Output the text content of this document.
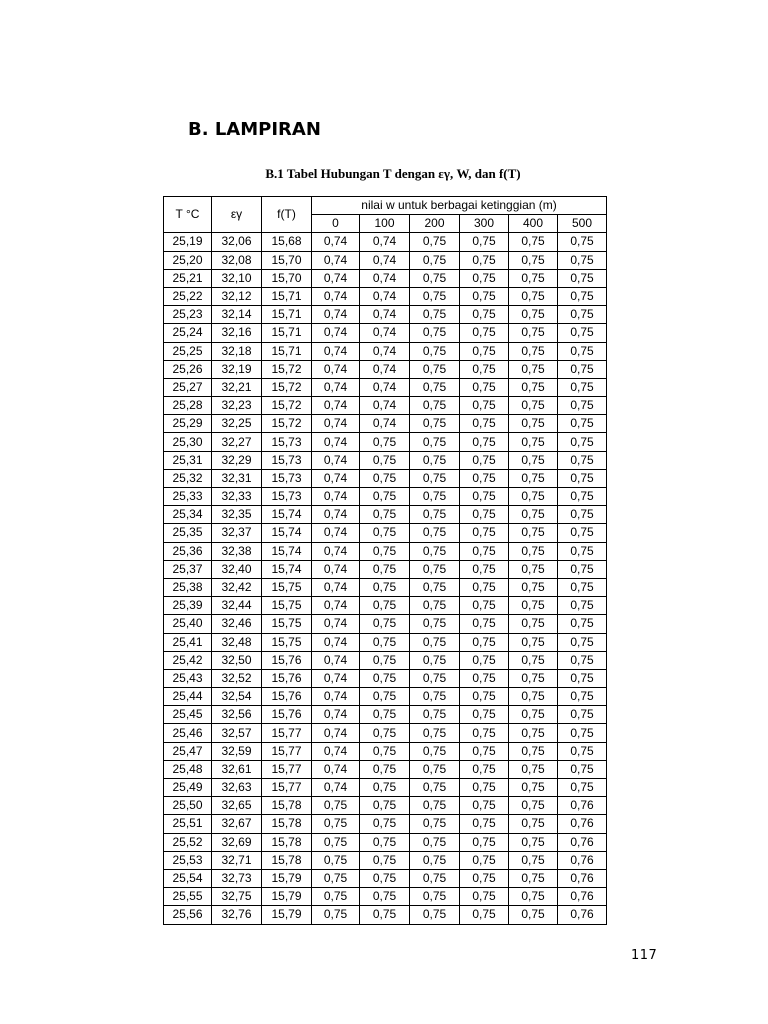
B. LAMPIRAN
B.1 Tabel Hubungan T dengan εγ, W, dan f(T)
T °C	εγ	f(T)	nilai w untuk berbagai ketinggian (m)					
			0	100	200	300	400	500
25,19	32,06	15,68	0,74	0,74	0,75	0,75	0,75	0,75
25,20	32,08	15,70	0,74	0,74	0,75	0,75	0,75	0,75
25,21	32,10	15,70	0,74	0,74	0,75	0,75	0,75	0,75
25,22	32,12	15,71	0,74	0,74	0,75	0,75	0,75	0,75
25,23	32,14	15,71	0,74	0,74	0,75	0,75	0,75	0,75
25,24	32,16	15,71	0,74	0,74	0,75	0,75	0,75	0,75
25,25	32,18	15,71	0,74	0,74	0,75	0,75	0,75	0,75
25,26	32,19	15,72	0,74	0,74	0,75	0,75	0,75	0,75
25,27	32,21	15,72	0,74	0,74	0,75	0,75	0,75	0,75
25,28	32,23	15,72	0,74	0,74	0,75	0,75	0,75	0,75
25,29	32,25	15,72	0,74	0,74	0,75	0,75	0,75	0,75
25,30	32,27	15,73	0,74	0,75	0,75	0,75	0,75	0,75
25,31	32,29	15,73	0,74	0,75	0,75	0,75	0,75	0,75
25,32	32,31	15,73	0,74	0,75	0,75	0,75	0,75	0,75
25,33	32,33	15,73	0,74	0,75	0,75	0,75	0,75	0,75
25,34	32,35	15,74	0,74	0,75	0,75	0,75	0,75	0,75
25,35	32,37	15,74	0,74	0,75	0,75	0,75	0,75	0,75
25,36	32,38	15,74	0,74	0,75	0,75	0,75	0,75	0,75
25,37	32,40	15,74	0,74	0,75	0,75	0,75	0,75	0,75
25,38	32,42	15,75	0,74	0,75	0,75	0,75	0,75	0,75
25,39	32,44	15,75	0,74	0,75	0,75	0,75	0,75	0,75
25,40	32,46	15,75	0,74	0,75	0,75	0,75	0,75	0,75
25,41	32,48	15,75	0,74	0,75	0,75	0,75	0,75	0,75
25,42	32,50	15,76	0,74	0,75	0,75	0,75	0,75	0,75
25,43	32,52	15,76	0,74	0,75	0,75	0,75	0,75	0,75
25,44	32,54	15,76	0,74	0,75	0,75	0,75	0,75	0,75
25,45	32,56	15,76	0,74	0,75	0,75	0,75	0,75	0,75
25,46	32,57	15,77	0,74	0,75	0,75	0,75	0,75	0,75
25,47	32,59	15,77	0,74	0,75	0,75	0,75	0,75	0,75
25,48	32,61	15,77	0,74	0,75	0,75	0,75	0,75	0,75
25,49	32,63	15,77	0,74	0,75	0,75	0,75	0,75	0,75
25,50	32,65	15,78	0,75	0,75	0,75	0,75	0,75	0,76
25,51	32,67	15,78	0,75	0,75	0,75	0,75	0,75	0,76
25,52	32,69	15,78	0,75	0,75	0,75	0,75	0,75	0,76
25,53	32,71	15,78	0,75	0,75	0,75	0,75	0,75	0,76
25,54	32,73	15,79	0,75	0,75	0,75	0,75	0,75	0,76
25,55	32,75	15,79	0,75	0,75	0,75	0,75	0,75	0,76
25,56	32,76	15,79	0,75	0,75	0,75	0,75	0,75	0,76
117
